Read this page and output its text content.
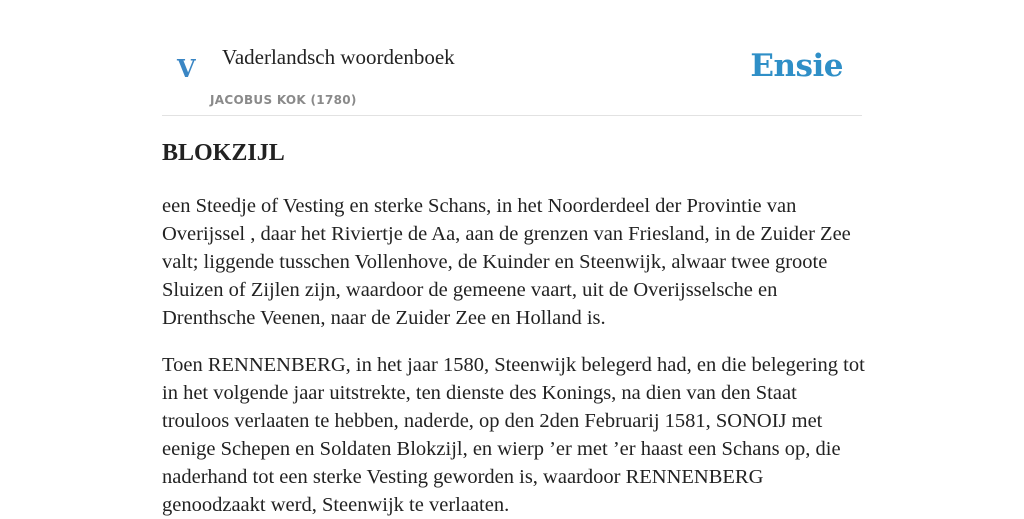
V Vaderlandsch woordenboek
JACOBUS KOK (1780)
Ensie
BLOKZIJL

een Steedje of Vesting en sterke Schans, in het Noorderdeel der Provintie van Overijssel , daar het Riviertje de Aa, aan de grenzen van Friesland, in de Zuider Zee valt; liggende tusschen Vollenhove, de Kuinder en Steenwijk, alwaar twee groote Sluizen of Zijlen zijn, waardoor de gemeene vaart, uit de Overijsselsche en Drenthsche Veenen, naar de Zuider Zee en Holland is.

Toen RENNENBERG, in het jaar 1580, Steenwijk belegerd had, en die belegering tot in het volgende jaar uitstrekte, ten dienste des Konings, na dien van den Staat trouloos verlaaten te hebben, naderde, op den 2den Februarij 1581, SONOIJ met eenige Schepen en Soldaten Blokzijl, en wierp ’er met ’er haast een Schans op, die naderhand tot een sterke Vesting geworden is, waardoor RENNENBERG genoodzaakt werd, Steenwijk te verlaaten.
